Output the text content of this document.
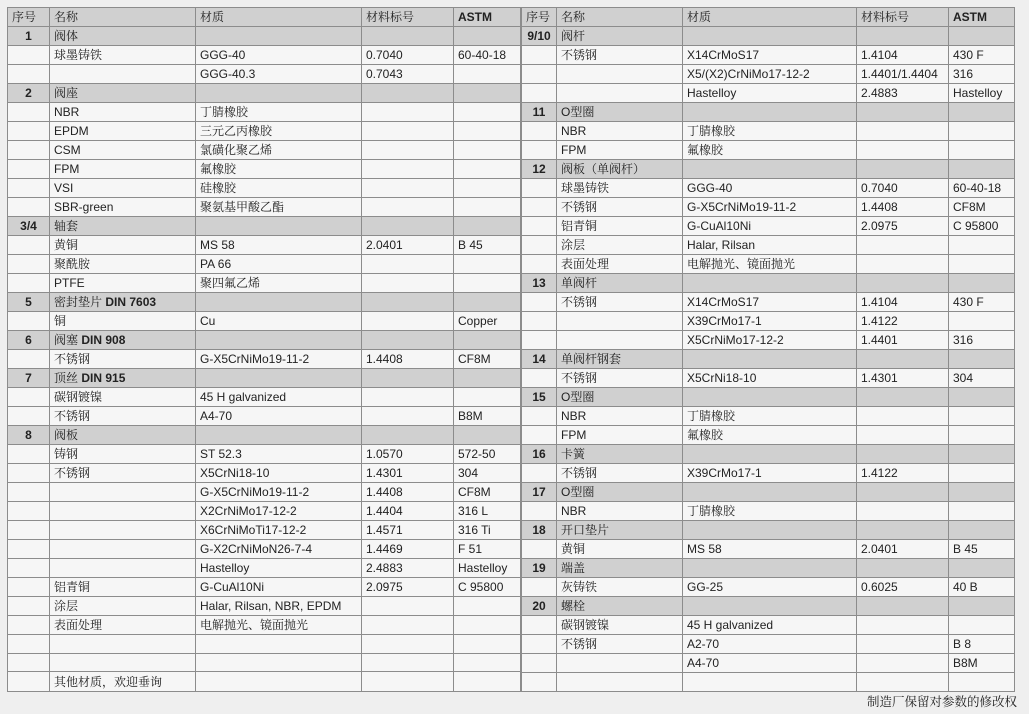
序号	名称	材质	材料标号	ASTM
1	阀体			
	球墨铸铁	GGG-40	0.7040	60-40-18
		GGG-40.3	0.7043	
2	阀座			
	NBR	丁腈橡胶		
	EPDM	三元乙丙橡胶		
	CSM	氯磺化聚乙烯		
	FPM	氟橡胶		
	VSI	硅橡胶		
	SBR-green	聚氨基甲酸乙酯		
3/4	轴套			
	黄铜	MS 58	2.0401	B 45
	聚酰胺	PA 66		
	PTFE	聚四氟乙烯		
5	密封垫片 DIN 7603			
	铜	Cu		Copper
6	阀塞 DIN 908			
	不锈钢	G-X5CrNiMo19-11-2	1.4408	CF8M
7	顶丝 DIN 915			
	碳钢镀镍	45 H galvanized		
	不锈钢	A4-70		B8M
8	阀板			
	铸钢	ST 52.3	1.0570	572-50
	不锈钢	X5CrNi18-10	1.4301	304
		G-X5CrNiMo19-11-2	1.4408	CF8M
		X2CrNiMo17-12-2	1.4404	316 L
		X6CrNiMoTi17-12-2	1.4571	316 Ti
		G-X2CrNiMoN26-7-4	1.4469	F 51
		Hastelloy	2.4883	Hastelloy
	铝青铜	G-CuAl10Ni	2.0975	C 95800
	涂层	Halar, Rilsan, NBR, EPDM		
	表面处理	电解抛光、镜面抛光		

	其他材质，欢迎垂询			
序号	名称	材质	材料标号	ASTM
9/10	阀杆			
	不锈钢	X14CrMoS17	1.4104	430 F
		X5/(X2)CrNiMo17-12-2	1.4401/1.4404	316
		Hastelloy	2.4883	Hastelloy
11	O型圈			
	NBR	丁腈橡胶		
	FPM	氟橡胶		
12	阀板（单阀杆）			
	球墨铸铁	GGG-40	0.7040	60-40-18
	不锈钢	G-X5CrNiMo19-11-2	1.4408	CF8M
	铝青铜	G-CuAl10Ni	2.0975	C 95800
	涂层	Halar, Rilsan		
	表面处理	电解抛光、镜面抛光		
13	单阀杆			
	不锈钢	X14CrMoS17	1.4104	430 F
		X39CrMo17-1	1.4122	
		X5CrNiMo17-12-2	1.4401	316
14	单阀杆钢套			
	不锈钢	X5CrNi18-10	1.4301	304
15	O型圈			
	NBR	丁腈橡胶		
	FPM	氟橡胶		
16	卡簧			
	不锈钢	X39CrMo17-1	1.4122	
17	O型圈			
	NBR	丁腈橡胶		
18	开口垫片			
	黄铜	MS 58	2.0401	B 45
19	端盖			
	灰铸铁	GG-25	0.6025	40 B
20	螺栓			
	碳钢镀镍	45 H galvanized		
	不锈钢	A2-70		B 8
		A4-70		B8M

制造厂保留对参数的修改权
